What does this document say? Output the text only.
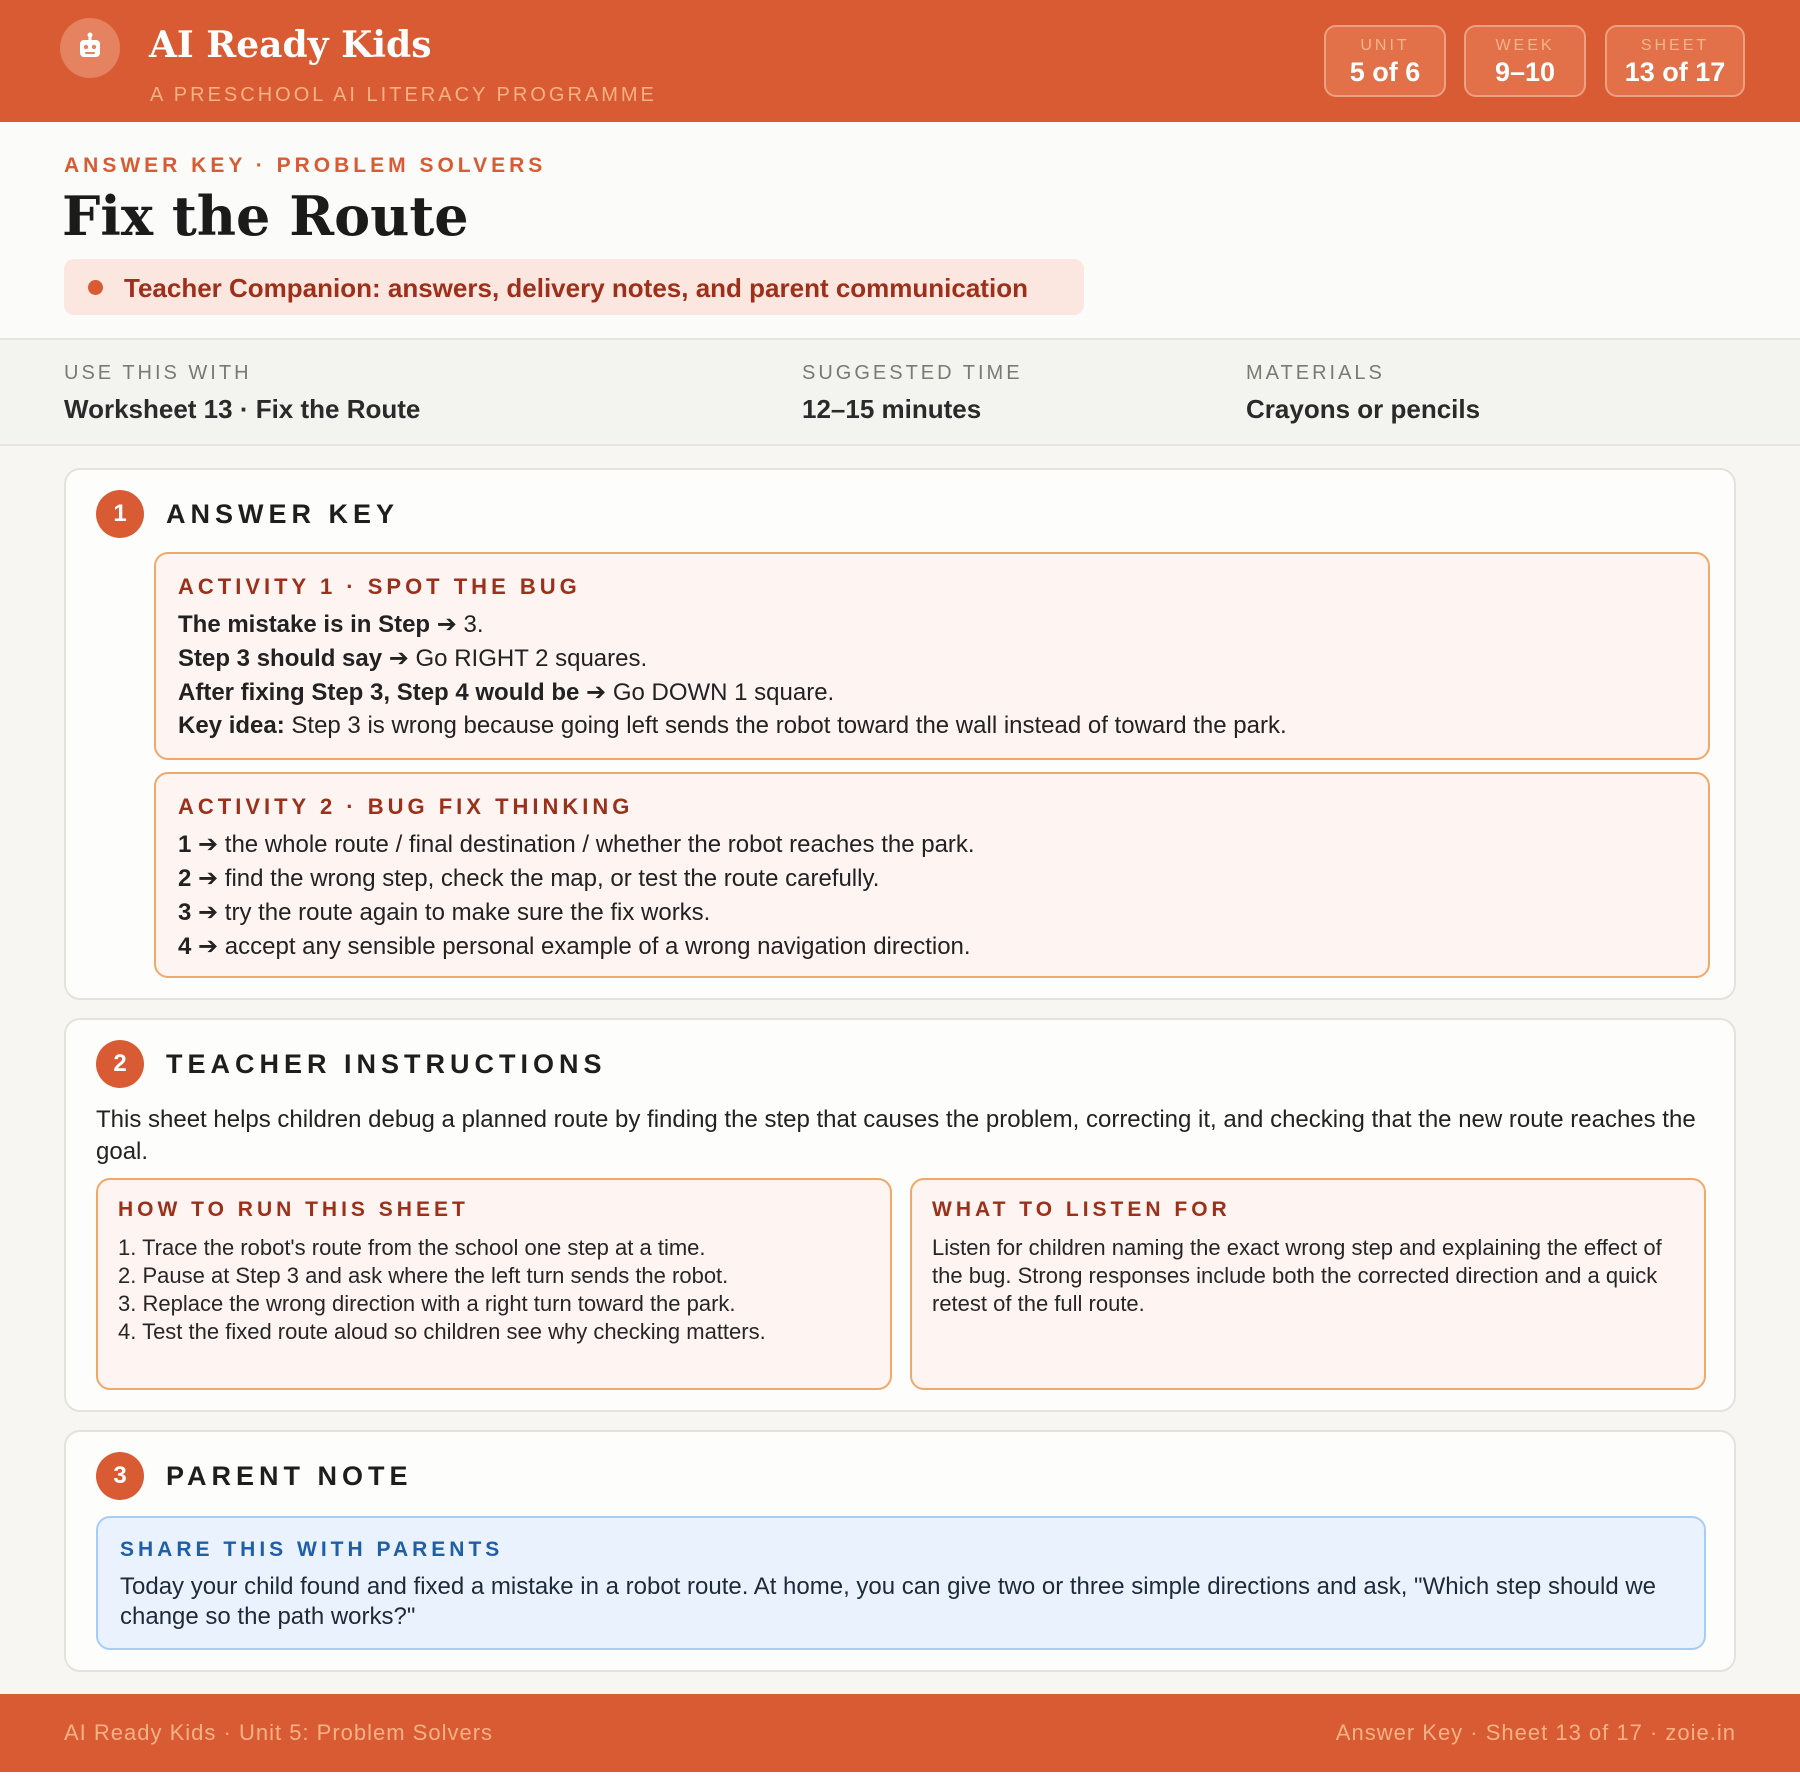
AI Ready Kids
A PRESCHOOL AI LITERACY PROGRAMME
UNIT
5 of 6
WEEK
9–10
SHEET
13 of 17
ANSWER KEY · PROBLEM SOLVERS
Fix the Route
Teacher Companion: answers, delivery notes, and parent communication
USE THIS WITH
Worksheet 13 · Fix the Route
SUGGESTED TIME
12–15 minutes
MATERIALS
Crayons or pencils
1	ANSWER KEY
ACTIVITY 1 · SPOT THE BUG
The mistake is in Step ➔ 3.
Step 3 should say ➔ Go RIGHT 2 squares.
After fixing Step 3, Step 4 would be ➔ Go DOWN 1 square.
Key idea: Step 3 is wrong because going left sends the robot toward the wall instead of toward the park.
ACTIVITY 2 · BUG FIX THINKING
1 ➔ the whole route / final destination / whether the robot reaches the park.
2 ➔ find the wrong step, check the map, or test the route carefully.
3 ➔ try the route again to make sure the fix works.
4 ➔ accept any sensible personal example of a wrong navigation direction.
2	TEACHER INSTRUCTIONS
This sheet helps children debug a planned route by finding the step that causes the problem, correcting it, and checking that the new route reaches the goal.
HOW TO RUN THIS SHEET
1. Trace the robot's route from the school one step at a time.
2. Pause at Step 3 and ask where the left turn sends the robot.
3. Replace the wrong direction with a right turn toward the park.
4. Test the fixed route aloud so children see why checking matters.
WHAT TO LISTEN FOR
Listen for children naming the exact wrong step and explaining the effect of the bug. Strong responses include both the corrected direction and a quick retest of the full route.
3	PARENT NOTE
SHARE THIS WITH PARENTS
Today your child found and fixed a mistake in a robot route. At home, you can give two or three simple directions and ask, "Which step should we change so the path works?"
AI Ready Kids · Unit 5: Problem Solvers	Answer Key · Sheet 13 of 17 · zoie.in
